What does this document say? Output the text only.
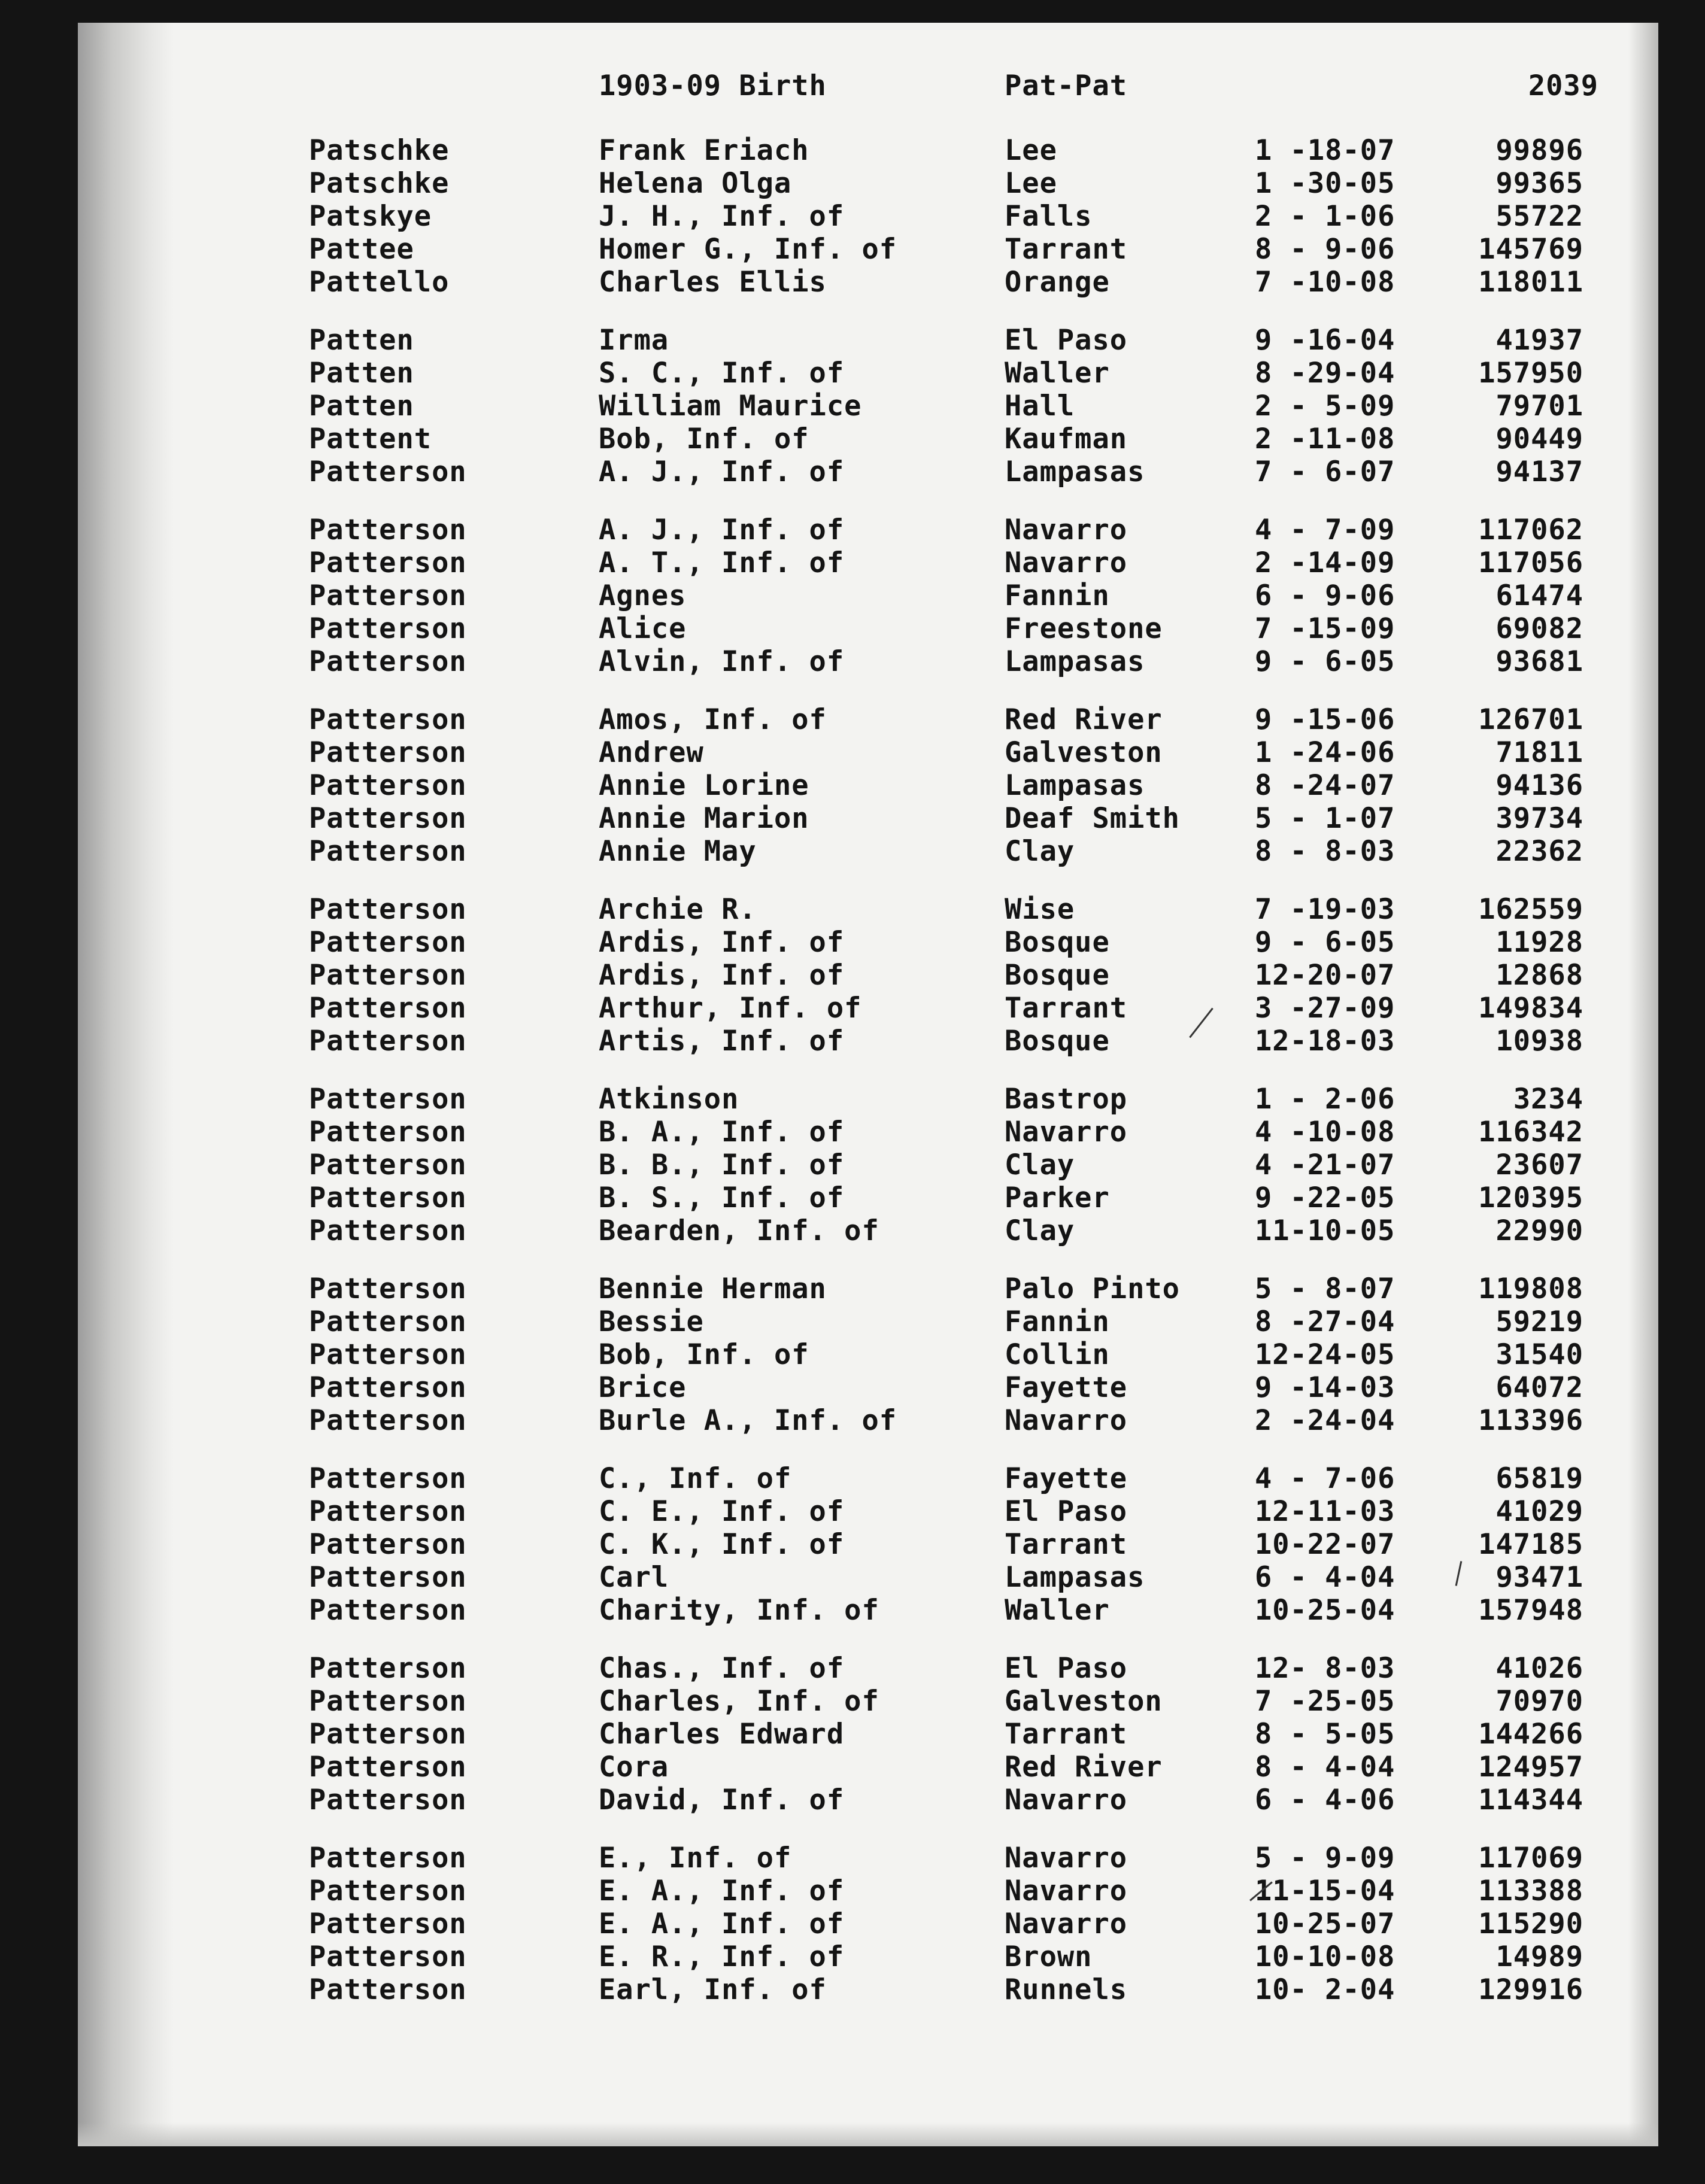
1903-09 Birth	Pat-Pat	2039
Patschke	Frank Eriach	Lee	1 -18-07	99896
Patschke	Helena Olga	Lee	1 -30-05	99365
Patskye	J. H., Inf. of	Falls	2 - 1-06	55722
Pattee	Homer G., Inf. of	Tarrant	8 - 9-06	145769
Pattello	Charles Ellis	Orange	7 -10-08	118011
Patten	Irma	El Paso	9 -16-04	41937
Patten	S. C., Inf. of	Waller	8 -29-04	157950
Patten	William Maurice	Hall	2 - 5-09	79701
Pattent	Bob, Inf. of	Kaufman	2 -11-08	90449
Patterson	A. J., Inf. of	Lampasas	7 - 6-07	94137
Patterson	A. J., Inf. of	Navarro	4 - 7-09	117062
Patterson	A. T., Inf. of	Navarro	2 -14-09	117056
Patterson	Agnes	Fannin	6 - 9-06	61474
Patterson	Alice	Freestone	7 -15-09	69082
Patterson	Alvin, Inf. of	Lampasas	9 - 6-05	93681
Patterson	Amos, Inf. of	Red River	9 -15-06	126701
Patterson	Andrew	Galveston	1 -24-06	71811
Patterson	Annie Lorine	Lampasas	8 -24-07	94136
Patterson	Annie Marion	Deaf Smith	5 - 1-07	39734
Patterson	Annie May	Clay	8 - 8-03	22362
Patterson	Archie R.	Wise	7 -19-03	162559
Patterson	Ardis, Inf. of	Bosque	9 - 6-05	11928
Patterson	Ardis, Inf. of	Bosque	12-20-07	12868
Patterson	Arthur, Inf. of	Tarrant	3 -27-09	149834
Patterson	Artis, Inf. of	Bosque	12-18-03	10938
Patterson	Atkinson	Bastrop	1 - 2-06	3234
Patterson	B. A., Inf. of	Navarro	4 -10-08	116342
Patterson	B. B., Inf. of	Clay	4 -21-07	23607
Patterson	B. S., Inf. of	Parker	9 -22-05	120395
Patterson	Bearden, Inf. of	Clay	11-10-05	22990
Patterson	Bennie Herman	Palo Pinto	5 - 8-07	119808
Patterson	Bessie	Fannin	8 -27-04	59219
Patterson	Bob, Inf. of	Collin	12-24-05	31540
Patterson	Brice	Fayette	9 -14-03	64072
Patterson	Burle A., Inf. of	Navarro	2 -24-04	113396
Patterson	C., Inf. of	Fayette	4 - 7-06	65819
Patterson	C. E., Inf. of	El Paso	12-11-03	41029
Patterson	C. K., Inf. of	Tarrant	10-22-07	147185
Patterson	Carl	Lampasas	6 - 4-04	93471
Patterson	Charity, Inf. of	Waller	10-25-04	157948
Patterson	Chas., Inf. of	El Paso	12- 8-03	41026
Patterson	Charles, Inf. of	Galveston	7 -25-05	70970
Patterson	Charles Edward	Tarrant	8 - 5-05	144266
Patterson	Cora	Red River	8 - 4-04	124957
Patterson	David, Inf. of	Navarro	6 - 4-06	114344
Patterson	E., Inf. of	Navarro	5 - 9-09	117069
Patterson	E. A., Inf. of	Navarro	11-15-04	113388
Patterson	E. A., Inf. of	Navarro	10-25-07	115290
Patterson	E. R., Inf. of	Brown	10-10-08	14989
Patterson	Earl, Inf. of	Runnels	10- 2-04	129916
